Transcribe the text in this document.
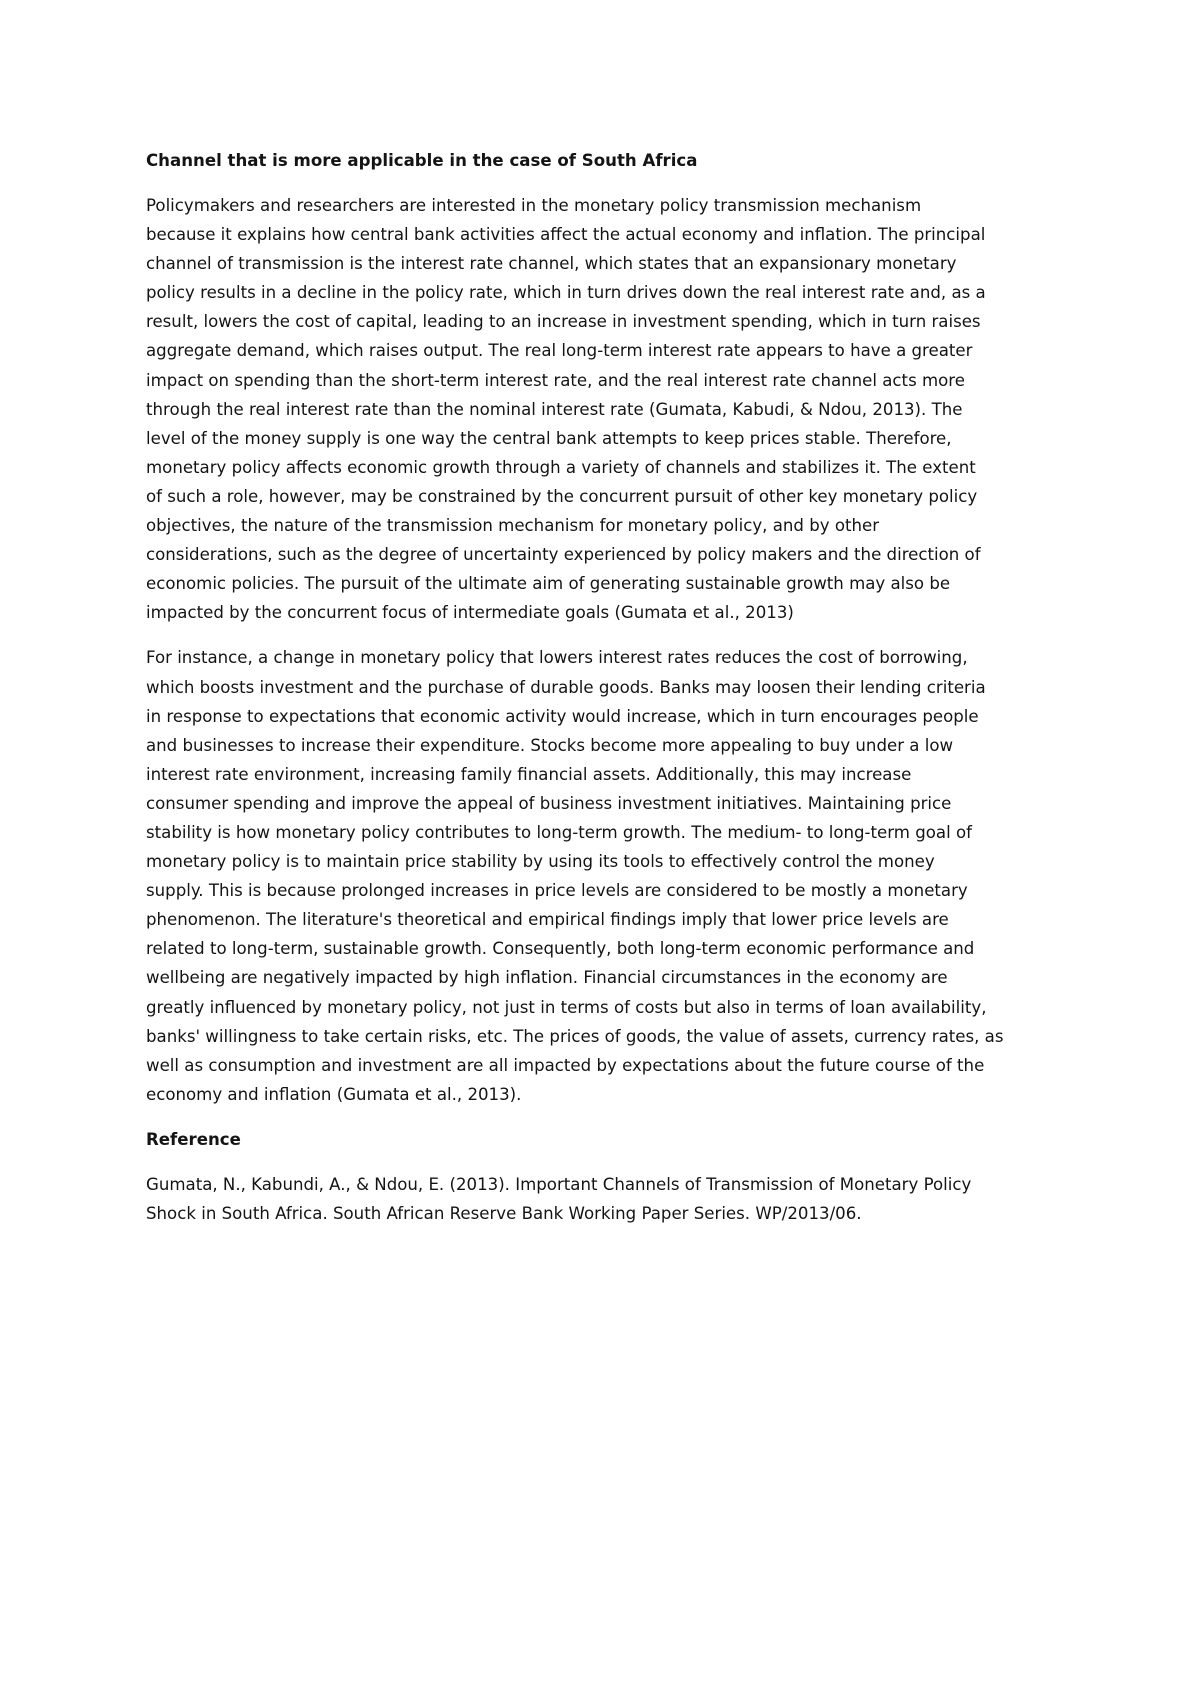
Channel that is more applicable in the case of South Africa
Policymakers and researchers are interested in the monetary policy transmission mechanism
because it explains how central bank activities affect the actual economy and inflation. The principal
channel of transmission is the interest rate channel, which states that an expansionary monetary
policy results in a decline in the policy rate, which in turn drives down the real interest rate and, as a
result, lowers the cost of capital, leading to an increase in investment spending, which in turn raises
aggregate demand, which raises output. The real long-term interest rate appears to have a greater
impact on spending than the short-term interest rate, and the real interest rate channel acts more
through the real interest rate than the nominal interest rate (Gumata, Kabudi, & Ndou, 2013). The
level of the money supply is one way the central bank attempts to keep prices stable. Therefore,
monetary policy affects economic growth through a variety of channels and stabilizes it. The extent
of such a role, however, may be constrained by the concurrent pursuit of other key monetary policy
objectives, the nature of the transmission mechanism for monetary policy, and by other
considerations, such as the degree of uncertainty experienced by policy makers and the direction of
economic policies. The pursuit of the ultimate aim of generating sustainable growth may also be
impacted by the concurrent focus of intermediate goals (Gumata et al., 2013)
For instance, a change in monetary policy that lowers interest rates reduces the cost of borrowing,
which boosts investment and the purchase of durable goods. Banks may loosen their lending criteria
in response to expectations that economic activity would increase, which in turn encourages people
and businesses to increase their expenditure. Stocks become more appealing to buy under a low
interest rate environment, increasing family financial assets. Additionally, this may increase
consumer spending and improve the appeal of business investment initiatives. Maintaining price
stability is how monetary policy contributes to long-term growth. The medium- to long-term goal of
monetary policy is to maintain price stability by using its tools to effectively control the money
supply. This is because prolonged increases in price levels are considered to be mostly a monetary
phenomenon. The literature's theoretical and empirical findings imply that lower price levels are
related to long-term, sustainable growth. Consequently, both long-term economic performance and
wellbeing are negatively impacted by high inflation. Financial circumstances in the economy are
greatly influenced by monetary policy, not just in terms of costs but also in terms of loan availability,
banks' willingness to take certain risks, etc. The prices of goods, the value of assets, currency rates, as
well as consumption and investment are all impacted by expectations about the future course of the
economy and inflation (Gumata et al., 2013).
Reference
Gumata, N., Kabundi, A., & Ndou, E. (2013). Important Channels of Transmission of Monetary Policy
Shock in South Africa. South African Reserve Bank Working Paper Series. WP/2013/06.
